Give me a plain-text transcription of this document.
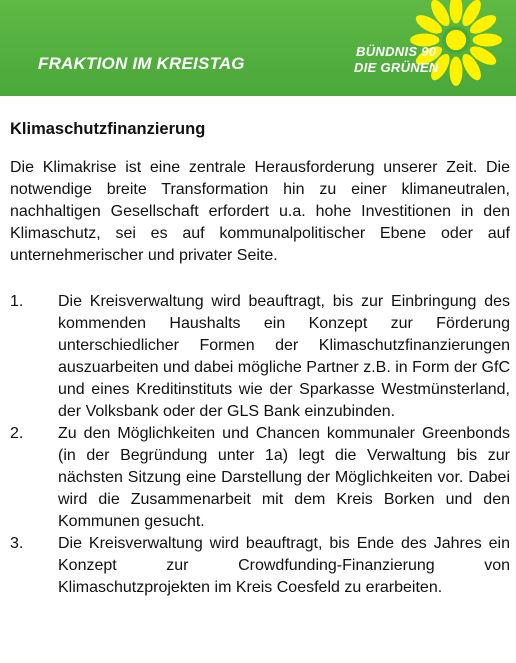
FRAKTION IM KREISTAG
BÜNDNIS 90
DIE GRÜNEN
Klimaschutzfinanzierung

Die Klimakrise ist eine zentrale Herausforderung unserer Zeit. Die notwendige breite Transformation hin zu einer klimaneutralen, nachhaltigen Gesellschaft erfordert u.a. hohe Investitionen in den Klimaschutz, sei es auf kommunalpolitischer Ebene oder auf unternehmerischer und privater Seite.

1. Die Kreisverwaltung wird beauftragt, bis zur Einbringung des kommenden Haushalts ein Konzept zur Förderung unterschiedlicher Formen der Klimaschutzfinanzierungen auszuarbeiten und dabei mögliche Partner z.B. in Form der GfC und eines Kreditinstituts wie der Sparkasse Westmünsterland, der Volksbank oder der GLS Bank einzubinden.
2. Zu den Möglichkeiten und Chancen kommunaler Greenbonds (in der Begründung unter 1a) legt die Verwaltung bis zur nächsten Sitzung eine Darstellung der Möglichkeiten vor. Dabei wird die Zusammenarbeit mit dem Kreis Borken und den Kommunen gesucht.
3. Die Kreisverwaltung wird beauftragt, bis Ende des Jahres ein Konzept zur Crowdfunding-Finanzierung von Klimaschutzprojekten im Kreis Coesfeld zu erarbeiten.
